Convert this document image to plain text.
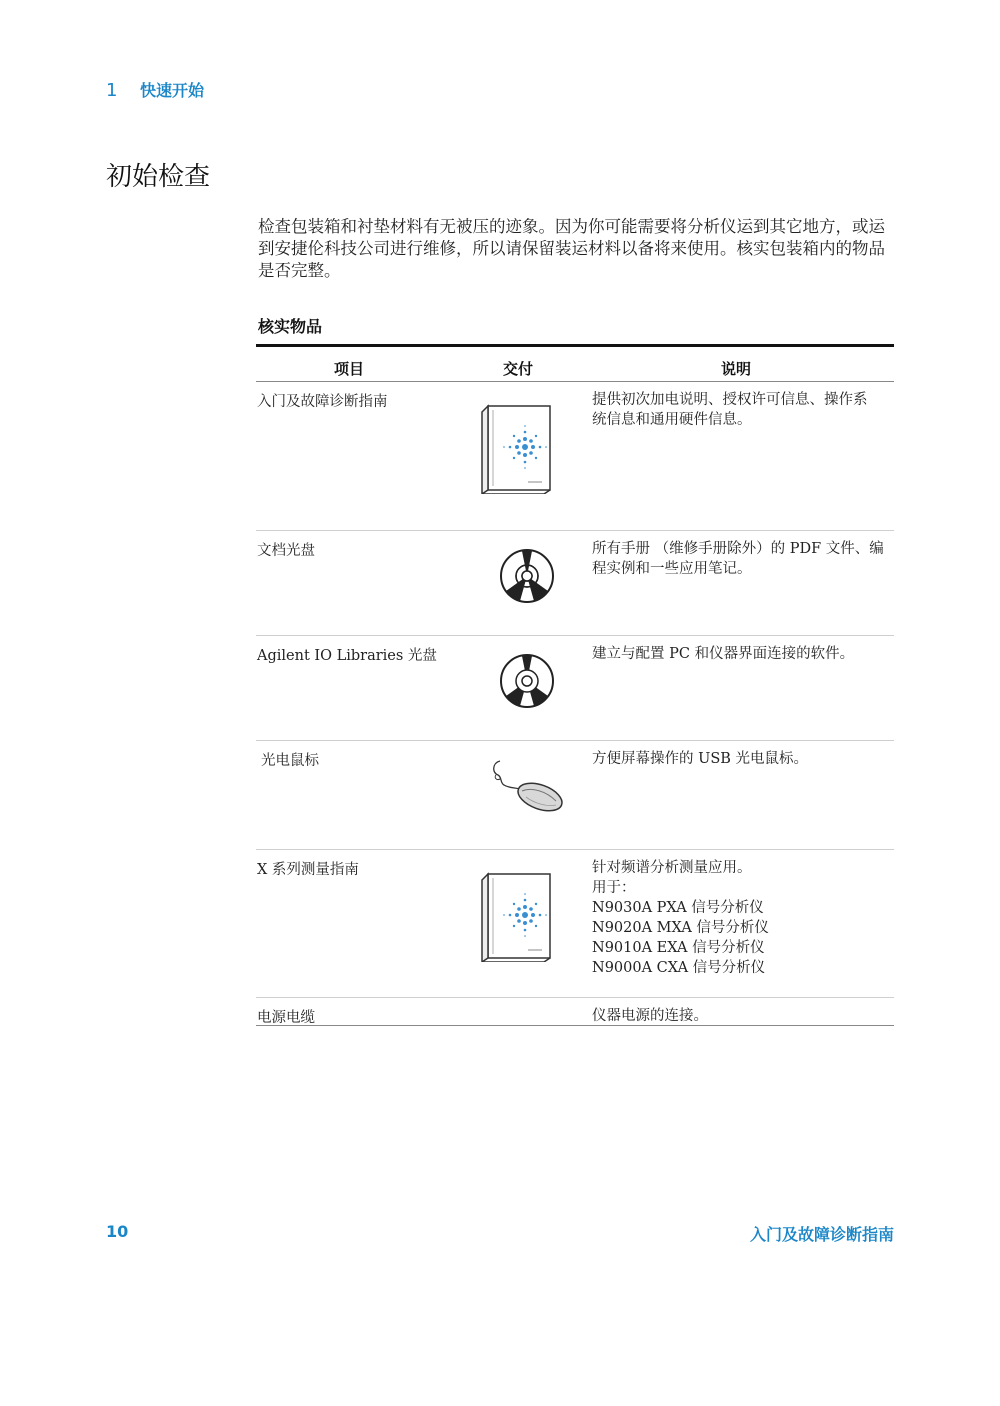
1 快速开始
初始检查

检查包装箱和衬垫材料有无被压的迹象。因为你可能需要将分析仪运到其它地方，或运到安捷伦科技公司进行维修，所以请保留装运材料以备将来使用。核实包装箱内的物品是否完整。

核实物品
项目	交付	说明
入门及故障诊断指南	提供初次加电说明、授权许可信息、操作系
统信息和通用硬件信息。
文档光盘	所有手册 （维修手册除外）的 PDF 文件、编
程实例和一些应用笔记。
Agilent IO Libraries 光盘	建立与配置 PC 和仪器界面连接的软件。
光电鼠标	方便屏幕操作的 USB 光电鼠标。
X 系列测量指南	针对频谱分析测量应用。
用于：
N9030A PXA 信号分析仪
N9020A MXA 信号分析仪
N9010A EXA 信号分析仪
N9000A CXA 信号分析仪
电源电缆	仪器电源的连接。
10	入门及故障诊断指南
